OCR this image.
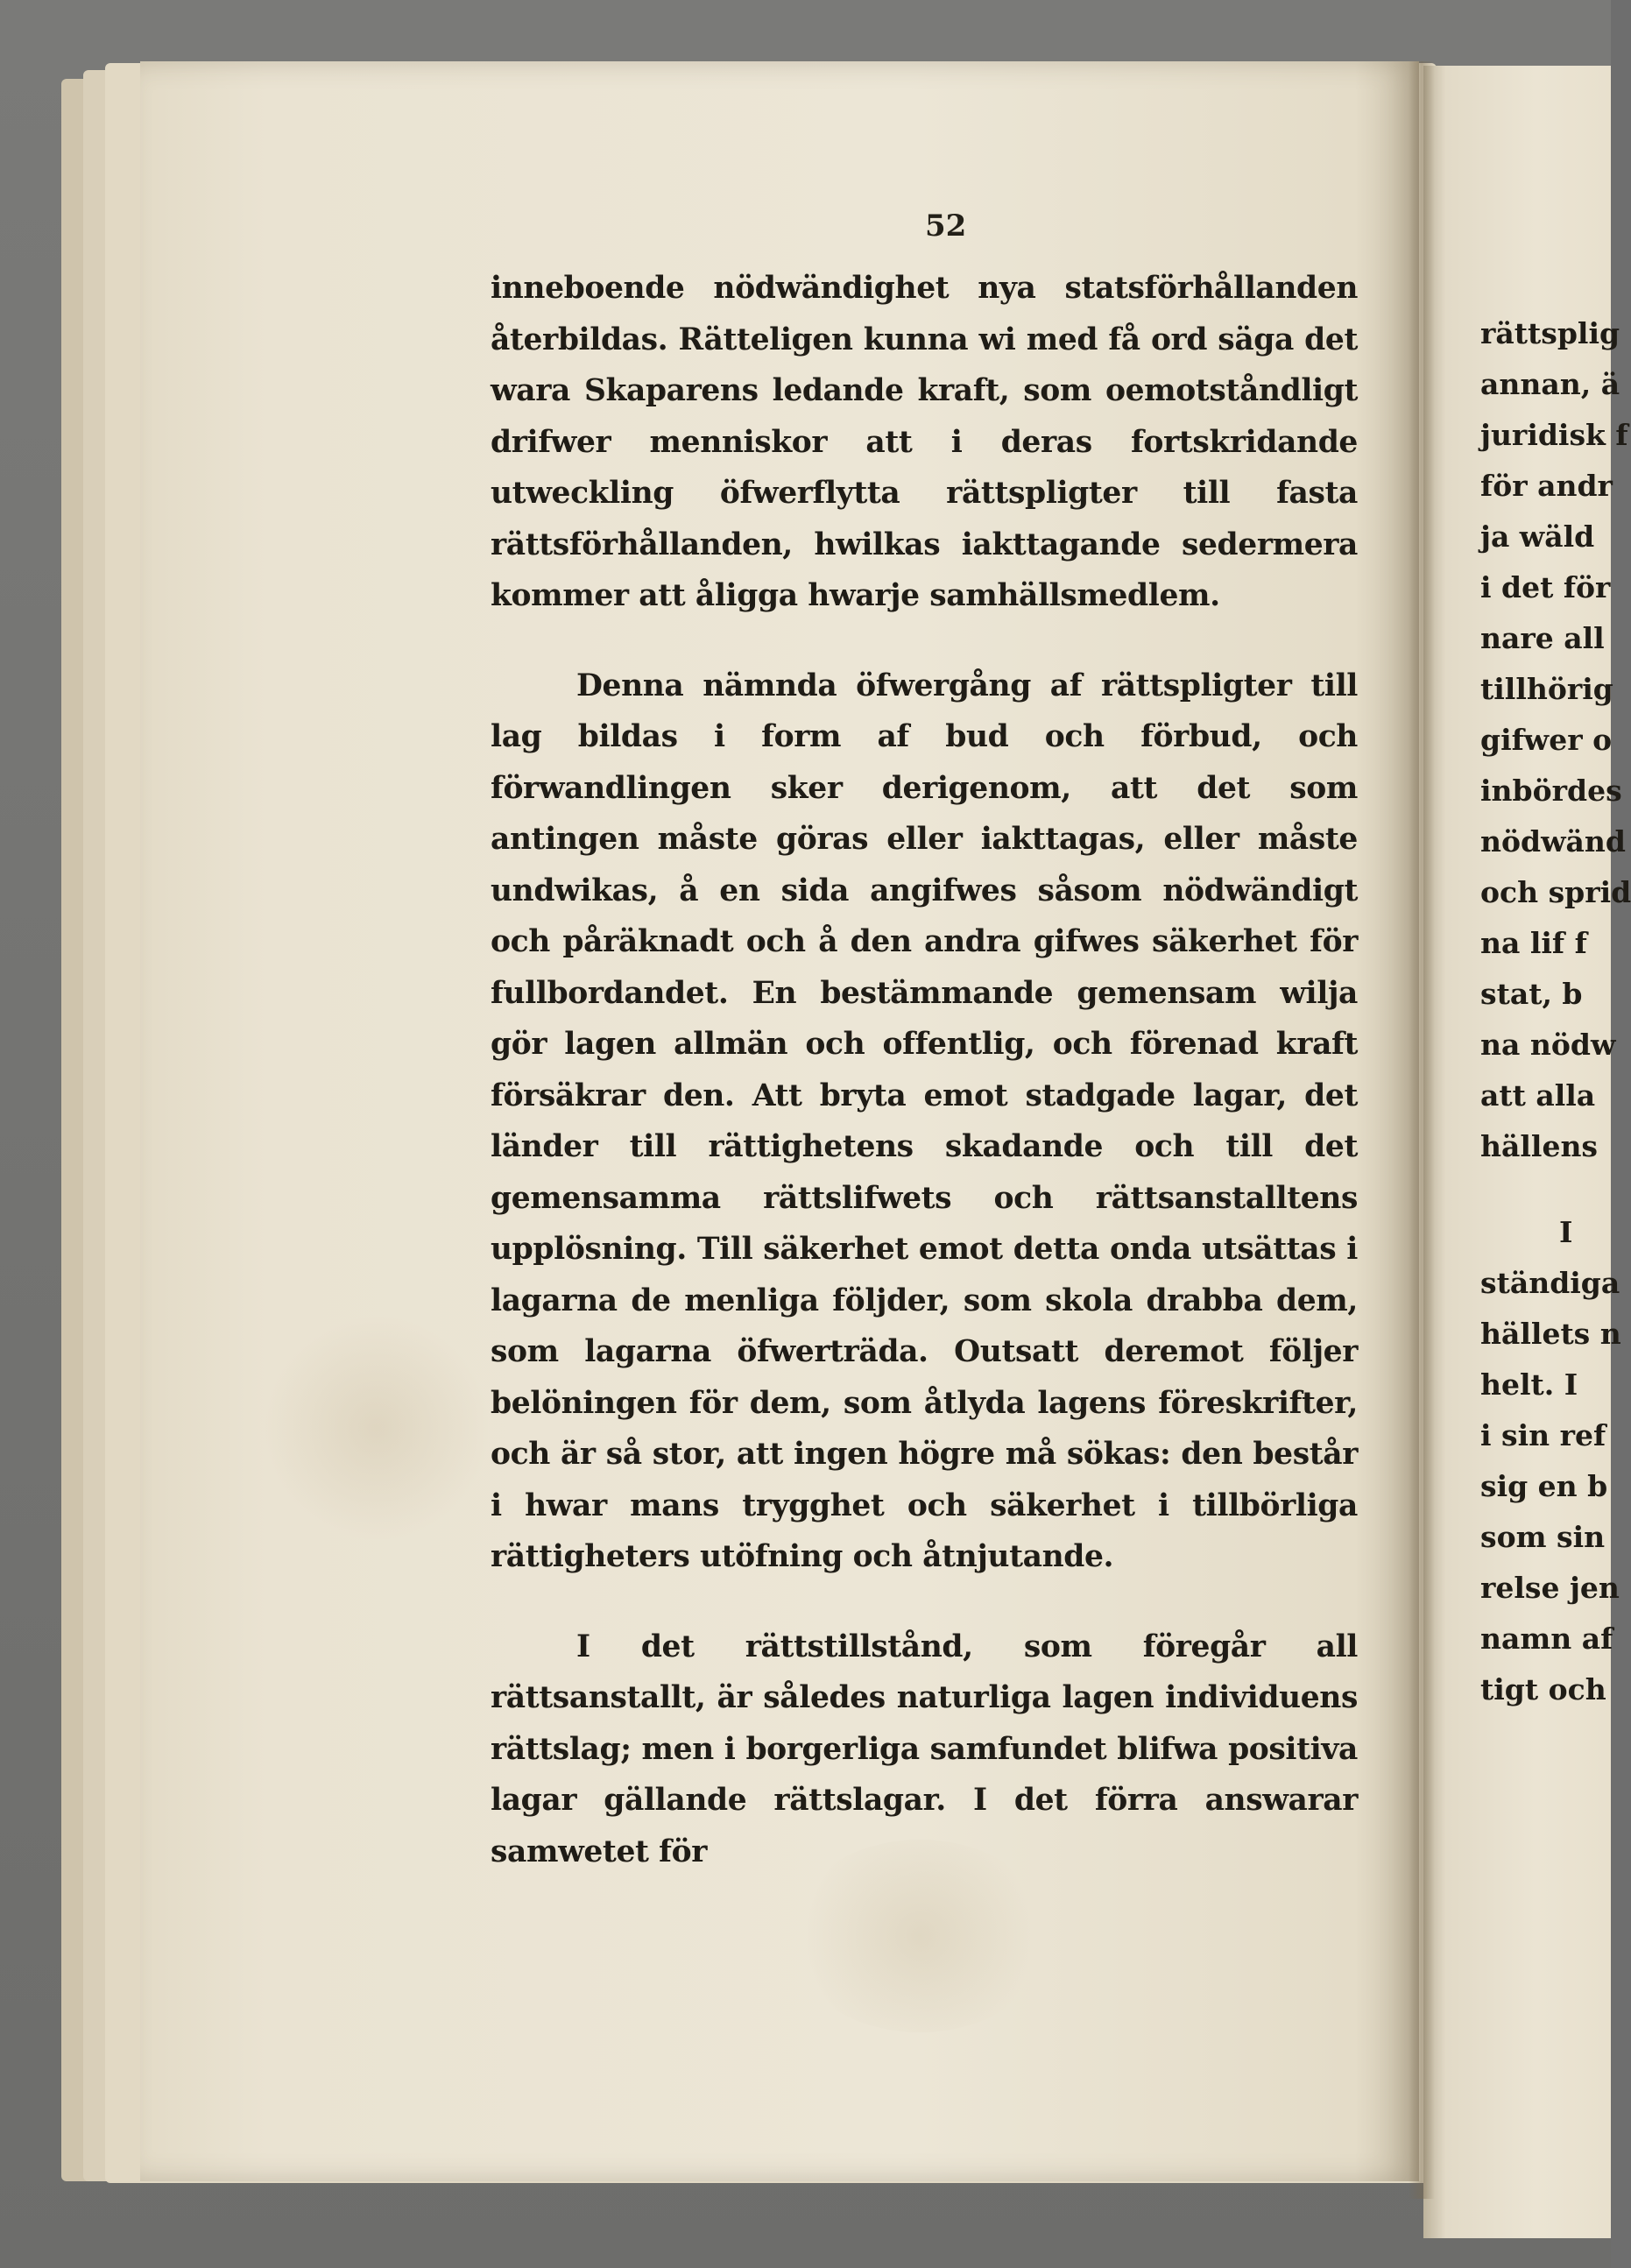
52

inneboende nödwändighet nya statsförhållanden återbildas. Rätteligen kunna wi med få ord säga det wara Skaparens ledande kraft, som oemotståndligt drifwer menniskor att i deras fortskridande utweckling öfwerflytta rättspligter till fasta rättsförhållanden, hwilkas iakttagande sedermera kommer att åligga hwarje samhällsmedlem.

Denna nämnda öfwergång af rättspligter till lag bildas i form af bud och förbud, och förwandlingen sker derigenom, att det som antingen måste göras eller iakttagas, eller måste undwikas, å en sida angifwes såsom nödwändigt och påräknadt och å den andra gifwes säkerhet för fullbordandet. En bestämmande gemensam wilja gör lagen allmän och offentlig, och förenad kraft försäkrar den. Att bryta emot stadgade lagar, det länder till rättighetens skadande och till det gemensamma rättslifwets och rättsanstalltens upplösning. Till säkerhet emot detta onda utsättas i lagarna de menliga följder, som skola drabba dem, som lagarna öfwerträda. Outsatt deremot följer belöningen för dem, som åtlyda lagens föreskrifter, och är så stor, att ingen högre må sökas: den består i hwar mans trygghet och säkerhet i tillbörliga rättigheters utöfning och åtnjutande.

I det rättstillstånd, som föregår all rättsanstallt, är således naturliga lagen individuens rättslag; men i borgerliga samfundet blifwa positiva lagar gällande rättslagar. I det förra answarar samwetet för

rättsplig
annan, ä
juridisk f
för andr
ja wäld
i det för
nare all
tillhörig
gifwer o
inbördes
nödwänd
och sprid
na lif f
stat, b
na nödw
att alla
hällens
I
ständiga
hällets n
helt. I
i sin ref
sig en b
som sin
relse jen
namn af
tigt och
